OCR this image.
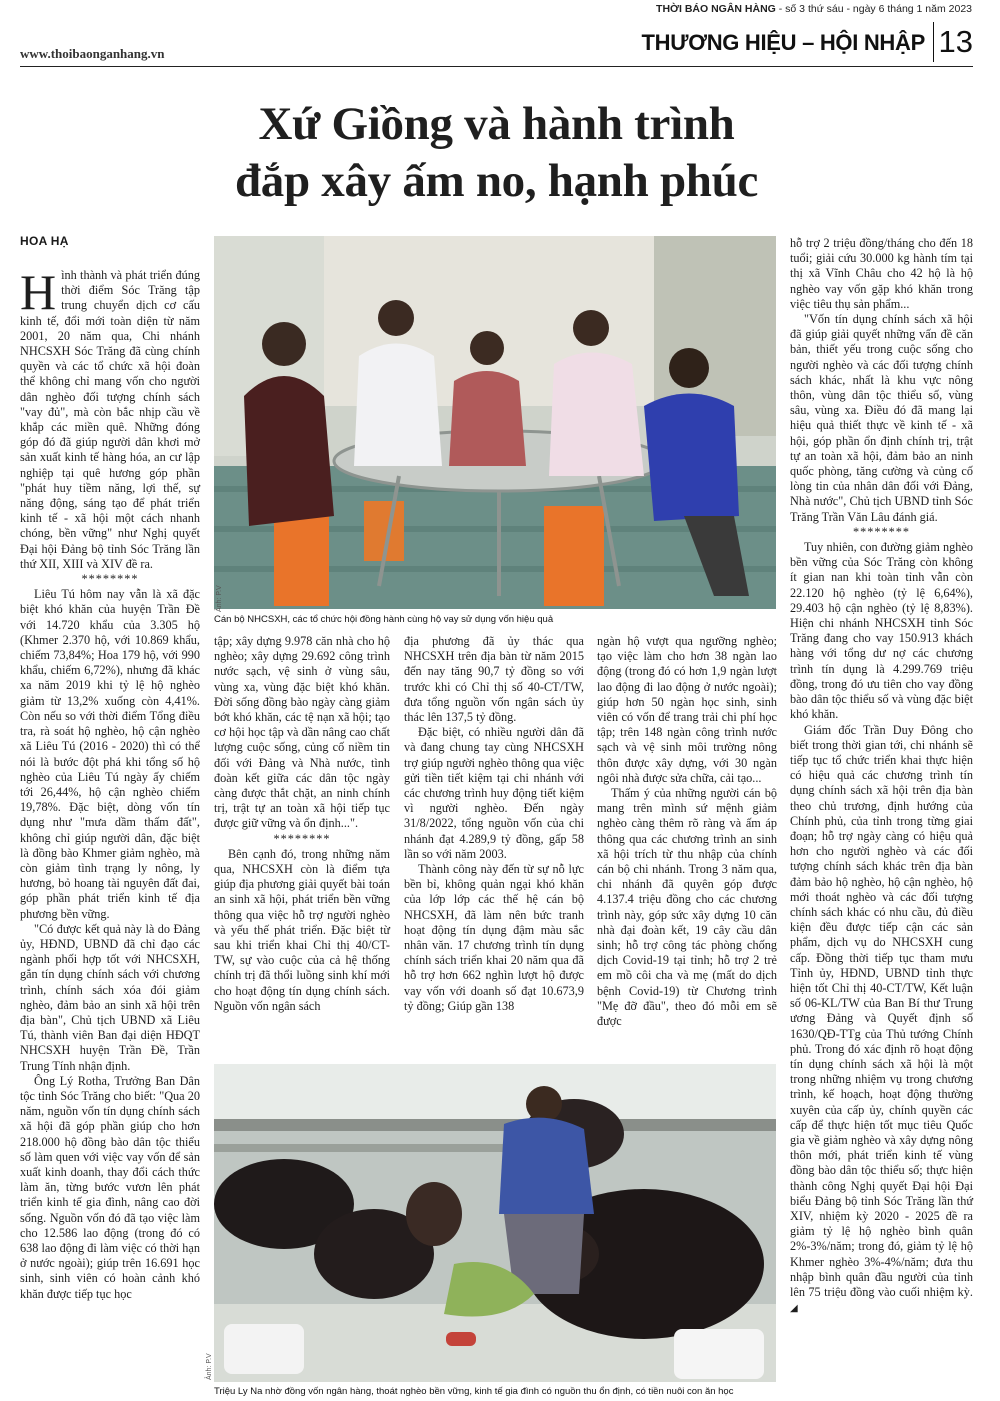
THỜI BÁO NGÂN HÀNG - số 3 thứ sáu - ngày 6 tháng 1 năm 2023
www.thoibaonganhang.vn	THƯƠNG HIỆU – HỘI NHẬP 13
Xứ Giồng và hành trình
đắp xây ấm no, hạnh phúc
HOA HẠ

Hình thành và phát triển đúng thời điểm Sóc Trăng tập trung chuyển dịch cơ cấu kinh tế, đổi mới toàn diện từ năm 2001, 20 năm qua, Chi nhánh NHCSXH Sóc Trăng đã cùng chính quyền và các tổ chức xã hội đoàn thể không chỉ mang vốn cho người dân nghèo đối tượng chính sách "vay đủ", mà còn bắc nhịp cầu về khắp các miền quê. Những đóng góp đó đã giúp người dân khơi mở sản xuất kinh tế hàng hóa, an cư lập nghiệp tại quê hương góp phần "phát huy tiềm năng, lợi thế, sự năng động, sáng tạo để phát triển kinh tế - xã hội một cách nhanh chóng, bền vững" như Nghị quyết Đại hội Đảng bộ tỉnh Sóc Trăng lần thứ XII, XIII và XIV đề ra.

********

Liêu Tú hôm nay vẫn là xã đặc biệt khó khăn của huyện Trần Đề với 14.720 khẩu của 3.305 hộ (Khmer 2.370 hộ, với 10.869 khẩu, chiếm 73,84%; Hoa 179 hộ, với 990 khẩu, chiếm 6,72%), nhưng đã khác xa năm 2019 khi tỷ lệ hộ nghèo giảm từ 13,2% xuống còn 4,41%. Còn nếu so với thời điểm Tổng điều tra, rà soát hộ nghèo, hộ cận nghèo xã Liêu Tú (2016 - 2020) thì có thể nói là bước đột phá khi tổng số hộ nghèo của Liêu Tú ngày ấy chiếm tới 26,44%, hộ cận nghèo chiếm 19,78%. Đặc biệt, dòng vốn tín dụng như "mưa dầm thấm đất", không chỉ giúp người dân, đặc biệt là đồng bào Khmer giảm nghèo, mà còn giảm tình trạng ly nông, ly hương, bỏ hoang tài nguyên đất đai, góp phần phát triển kinh tế địa phương bền vững.

"Có được kết quả này là do Đảng ủy, HĐND, UBND đã chỉ đạo các ngành phối hợp tốt với NHCSXH, gắn tín dụng chính sách với chương trình, chính sách xóa đói giảm nghèo, đảm bảo an sinh xã hội trên địa bàn", Chủ tịch UBND xã Liêu Tú, thành viên Ban đại diện HĐQT NHCSXH huyện Trần Đề, Trần Trung Tính nhận định.

Ông Lý Rotha, Trưởng Ban Dân tộc tỉnh Sóc Trăng cho biết: "Qua 20 năm, nguồn vốn tín dụng chính sách xã hội đã góp phần giúp cho hơn 218.000 hộ đồng bào dân tộc thiểu số làm quen với việc vay vốn để sản xuất kinh doanh, thay đổi cách thức làm ăn, từng bước vươn lên phát triển kinh tế gia đình, nâng cao đời sống. Nguồn vốn đó đã tạo việc làm cho 12.586 lao động (trong đó có 638 lao động đi làm việc có thời hạn ở nước ngoài); giúp trên 16.691 học sinh, sinh viên có hoàn cảnh khó khăn được tiếp tục học

Ảnh: P.V
Cán bộ NHCSXH, các tổ chức hội đồng hành cùng hộ vay sử dụng vốn hiệu quả

tập; xây dựng 9.978 căn nhà cho hộ nghèo; xây dựng 29.692 công trình nước sạch, vệ sinh ở vùng sâu, vùng xa, vùng đặc biệt khó khăn. Đời sống đồng bào ngày càng giảm bớt khó khăn, các tệ nạn xã hội; tạo cơ hội học tập và dần nâng cao chất lượng cuộc sống, củng cố niềm tin đối với Đảng và Nhà nước, tình đoàn kết giữa các dân tộc ngày càng được thắt chặt, an ninh chính trị, trật tự an toàn xã hội tiếp tục được giữ vững và ổn định...".

********

Bên cạnh đó, trong những năm qua, NHCSXH còn là điểm tựa giúp địa phương giải quyết bài toán an sinh xã hội, phát triển bền vững thông qua việc hỗ trợ người nghèo và yếu thế phát triển. Đặc biệt từ sau khi triển khai Chỉ thị 40/CT-TW, sự vào cuộc của cả hệ thống chính trị đã thổi luồng sinh khí mới cho hoạt động tín dụng chính sách. Nguồn vốn ngân sách

địa phương đã ủy thác qua NHCSXH trên địa bàn từ năm 2015 đến nay tăng 90,7 tỷ đồng so với trước khi có Chỉ thị số 40-CT/TW, đưa tổng nguồn vốn ngân sách ủy thác lên 137,5 tỷ đồng.

Đặc biệt, có nhiều người dân đã và đang chung tay cùng NHCSXH trợ giúp người nghèo thông qua việc gửi tiền tiết kiệm tại chi nhánh với các chương trình huy động tiết kiệm vì người nghèo. Đến ngày 31/8/2022, tổng nguồn vốn của chi nhánh đạt 4.289,9 tỷ đồng, gấp 58 lần so với năm 2003.

Thành công này đến từ sự nỗ lực bền bỉ, không quản ngại khó khăn của lớp lớp các thế hệ cán bộ NHCSXH, đã làm nên bức tranh hoạt động tín dụng đậm màu sắc nhân văn. 17 chương trình tín dụng chính sách triển khai 20 năm qua đã hỗ trợ hơn 662 nghìn lượt hộ được vay vốn với doanh số đạt 10.673,9 tỷ đồng; Giúp gần 138

ngàn hộ vượt qua ngưỡng nghèo; tạo việc làm cho hơn 38 ngàn lao động (trong đó có hơn 1,9 ngàn lượt lao động đi lao động ở nước ngoài); giúp hơn 50 ngàn học sinh, sinh viên có vốn để trang trải chi phí học tập; trên 148 ngàn công trình nước sạch và vệ sinh môi trường nông thôn được xây dựng, với 30 ngàn ngôi nhà được sửa chữa, cải tạo...

Thấm ý của những người cán bộ mang trên mình sứ mệnh giảm nghèo càng thêm rõ ràng và ấm áp thông qua các chương trình an sinh xã hội trích từ thu nhập của chính cán bộ chi nhánh. Trong 3 năm qua, chi nhánh đã quyên góp được 4.137.4 triệu đồng cho các chương trình này, góp sức xây dựng 10 căn nhà đại đoàn kết, 19 cây cầu dân sinh; hỗ trợ công tác phòng chống dịch Covid-19 tại tỉnh; hỗ trợ 2 trẻ em mồ côi cha và mẹ (mất do dịch bệnh Covid-19) từ Chương trình "Mẹ đỡ đầu", theo đó mỗi em sẽ được

Ảnh: P.V
Triệu Ly Na nhờ đồng vốn ngân hàng, thoát nghèo bền vững, kinh tế gia đình có nguồn thu ổn định, có tiền nuôi con ăn học

hỗ trợ 2 triệu đồng/tháng cho đến 18 tuổi; giải cứu 30.000 kg hành tím tại thị xã Vĩnh Châu cho 42 hộ là hộ nghèo vay vốn gặp khó khăn trong việc tiêu thụ sản phẩm...

"Vốn tín dụng chính sách xã hội đã giúp giải quyết những vấn đề căn bản, thiết yếu trong cuộc sống cho người nghèo và các đối tượng chính sách khác, nhất là khu vực nông thôn, vùng dân tộc thiểu số, vùng sâu, vùng xa. Điều đó đã mang lại hiệu quả thiết thực về kinh tế - xã hội, góp phần ổn định chính trị, trật tự an toàn xã hội, đảm bảo an ninh quốc phòng, tăng cường và củng cố lòng tin của nhân dân đối với Đảng, Nhà nước", Chủ tịch UBND tỉnh Sóc Trăng Trần Văn Lâu đánh giá.

********

Tuy nhiên, con đường giảm nghèo bền vững của Sóc Trăng còn không ít gian nan khi toàn tỉnh vẫn còn 22.120 hộ nghèo (tỷ lệ 6,64%), 29.403 hộ cận nghèo (tỷ lệ 8,83%). Hiện chi nhánh NHCSXH tỉnh Sóc Trăng đang cho vay 150.913 khách hàng với tổng dư nợ các chương trình tín dụng là 4.299.769 triệu đồng, trong đó ưu tiên cho vay đồng bào dân tộc thiểu số và vùng đặc biệt khó khăn.

Giám đốc Trần Duy Đông cho biết trong thời gian tới, chi nhánh sẽ tiếp tục tổ chức triển khai thực hiện có hiệu quả các chương trình tín dụng chính sách xã hội trên địa bàn theo chủ trương, định hướng của Chính phủ, của tỉnh trong từng giai đoạn; hỗ trợ ngày càng có hiệu quả hơn cho người nghèo và các đối tượng chính sách khác trên địa bàn đảm bảo hộ nghèo, hộ cận nghèo, hộ mới thoát nghèo và các đối tượng chính sách khác có nhu cầu, đủ điều kiện đều được tiếp cận các sản phẩm, dịch vụ do NHCSXH cung cấp. Đồng thời tiếp tục tham mưu Tỉnh ủy, HĐND, UBND tỉnh thực hiện tốt Chỉ thị 40-CT/TW, Kết luận số 06-KL/TW của Ban Bí thư Trung ương Đảng và Quyết định số 1630/QĐ-TTg của Thủ tướng Chính phủ. Trong đó xác định rõ hoạt động tín dụng chính sách xã hội là một trong những nhiệm vụ trong chương trình, kế hoạch, hoạt động thường xuyên của cấp ủy, chính quyền các cấp để thực hiện tốt mục tiêu Quốc gia về giảm nghèo và xây dựng nông thôn mới, phát triển kinh tế vùng đồng bào dân tộc thiểu số; thực hiện thành công Nghị quyết Đại hội Đại biểu Đảng bộ tỉnh Sóc Trăng lần thứ XIV, nhiệm kỳ 2020 - 2025 đề ra giảm tỷ lệ hộ nghèo bình quân 2%-3%/năm; trong đó, giảm tỷ lệ hộ Khmer nghèo 3%-4%/năm; đưa thu nhập bình quân đầu người của tỉnh lên 75 triệu đồng vào cuối nhiệm kỳ. ◢
